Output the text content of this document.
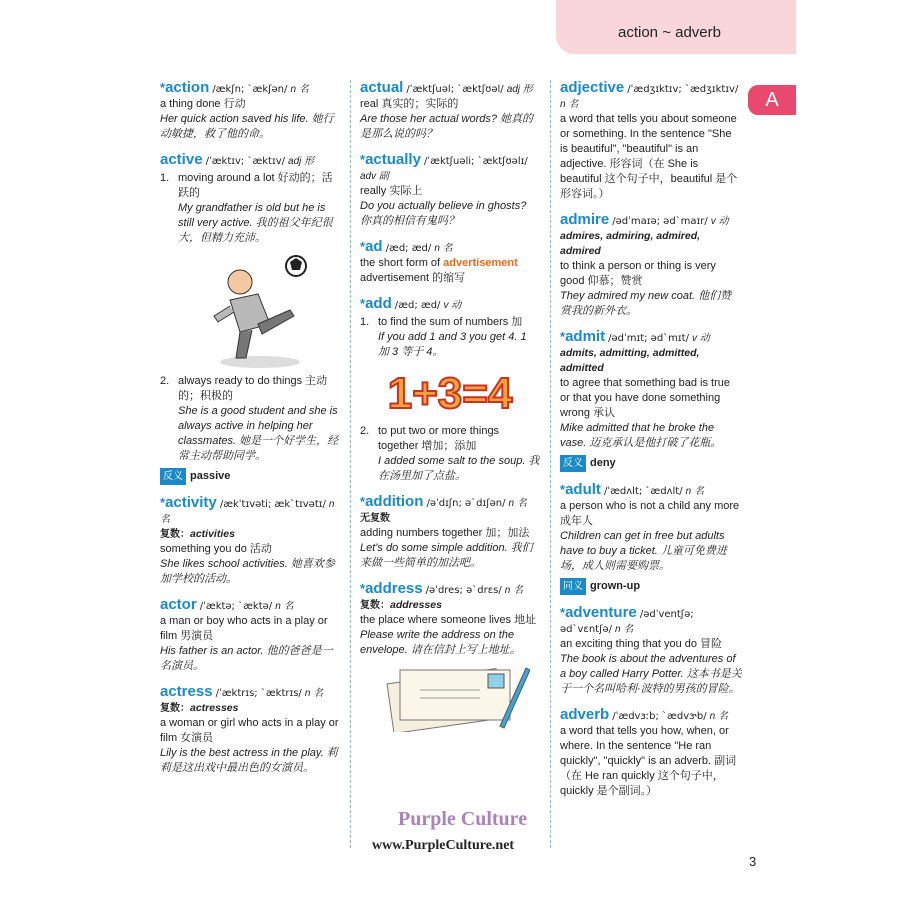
action ~ adverb
A
*action /ækʃn; ˋækʃən/ n 名
a thing done 行动
Her quick action saved his life. 她行动敏捷，救了他的命。
active /ˈæktɪv; ˋæktɪv/ adj 形
1. moving around a lot 好动的；活跃的
My grandfather is old but he is still very active. 我的祖父年纪很大，但精力充沛。
2. always ready to do things 主动的；积极的
She is a good student and she is always active in helping her classmates. 她是一个好学生，经常主动帮助同学。
反义 passive
*activity /ækˈtɪvəti; ækˋtɪvətɪ/ n 名
复数：activities
something you do 活动
She likes school activities. 她喜欢参加学校的活动。
actor /ˈæktə; ˋæktə/ n 名
a man or boy who acts in a play or film 男演员
His father is an actor. 他的爸爸是一名演员。
actress /ˈæktrɪs; ˋæktrɪs/ n 名
复数：actresses
a woman or girl who acts in a play or film 女演员
Lily is the best actress in the play. 莉莉是这出戏中最出色的女演员。
actual /ˈæktʃuəl; ˋæktʃʊəl/ adj 形
real 真实的；实际的
Are those her actual words? 她真的是那么说的吗？
*actually /ˈæktʃuəli; ˋæktʃʊəlɪ/ adv 副
really 实际上
Do you actually believe in ghosts? 你真的相信有鬼吗？
*ad /æd; æd/ n 名
the short form of advertisement advertisement 的缩写
*add /æd; æd/ v 动
1. to find the sum of numbers 加
If you add 1 and 3 you get 4. 1 加 3 等于 4。
1+3=4
2. to put two or more things together 增加；添加
I added some salt to the soup. 我在汤里加了点盐。
*addition /əˈdɪʃn; əˋdɪʃən/ n 名
无复数
adding numbers together 加；加法
Let's do some simple addition. 我们来做一些简单的加法吧。
*address /əˈdres; əˋdrɛs/ n 名
复数：addresses
the place where someone lives 地址
Please write the address on the envelope. 请在信封上写上地址。
adjective /ˈædʒɪktɪv; ˋædʒɪktɪv/ n 名
a word that tells you about someone or something. In the sentence "She is beautiful", "beautiful" is an adjective. 形容词（在 She is beautiful 这个句子中，beautiful 是个形容词。）
admire /ədˈmaɪə; ədˋmaɪr/ v 动
admires, admiring, admired, admired
to think a person or thing is very good 仰慕；赞赏
They admired my new coat. 他们赞赏我的新外衣。
*admit /ədˈmɪt; ədˋmɪt/ v 动
admits, admitting, admitted, admitted
to agree that something bad is true or that you have done something wrong 承认
Mike admitted that he broke the vase. 迈克承认是他打破了花瓶。
反义 deny
*adult /ˈædʌlt; ˋædʌlt/ n 名
a person who is not a child any more 成年人
Children can get in free but adults have to buy a ticket. 儿童可免费进场，成人则需要购票。
同义 grown-up
*adventure /ədˈventʃə; ədˋvɛntʃə/ n 名
an exciting thing that you do 冒险
The book is about the adventures of a boy called Harry Potter. 这本书是关于一个名叫哈利·波特的男孩的冒险。
adverb /ˈædvɜːb; ˋædvɝb/ n 名
a word that tells you how, when, or where. In the sentence "He ran quickly", "quickly" is an adverb. 副词（在 He ran quickly 这个句子中，quickly 是个副词。）
Purple Culture
www.PurpleCulture.net
3
